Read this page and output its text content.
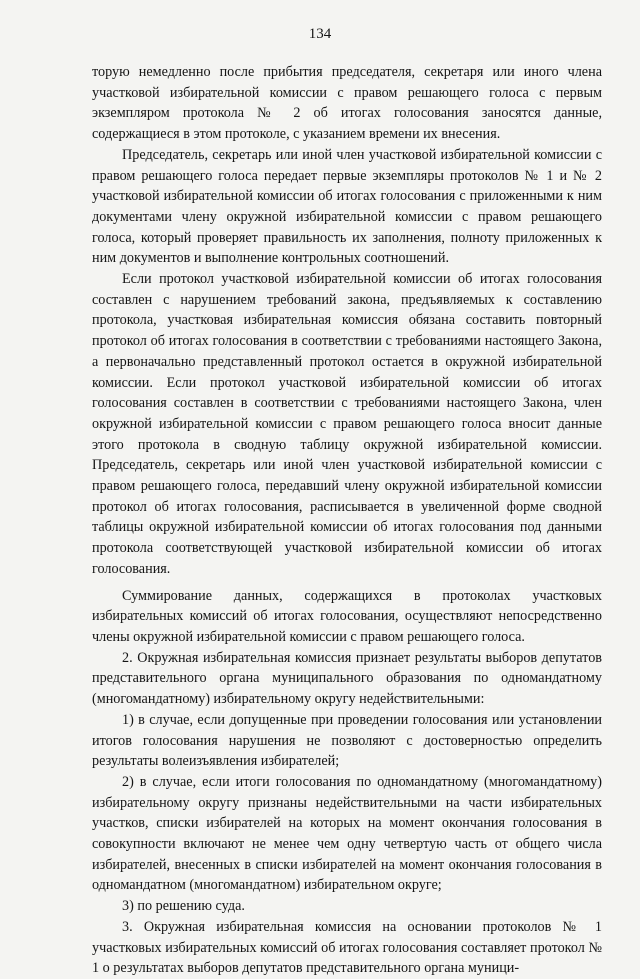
134

торую немедленно после прибытия председателя, секретаря или иного члена участковой избирательной комиссии с правом решающего голоса с первым экземпляром протокола № 2 об итогах голосования заносятся данные, содержащиеся в этом протоколе, с указанием времени их внесения.

Председатель, секретарь или иной член участковой избирательной комиссии с правом решающего голоса передает первые экземпляры протоколов № 1 и № 2 участковой избирательной комиссии об итогах голосования с приложенными к ним документами члену окружной избирательной комиссии с правом решающего голоса, который проверяет правильность их заполнения, полноту приложенных к ним документов и выполнение контрольных соотношений.

Если протокол участковой избирательной комиссии об итогах голосования составлен с нарушением требований закона, предъявляемых к составлению протокола, участковая избирательная комиссия обязана составить повторный протокол об итогах голосования в соответствии с требованиями настоящего Закона, а первоначально представленный протокол остается в окружной избирательной комиссии. Если протокол участковой избирательной комиссии об итогах голосования составлен в соответствии с требованиями настоящего Закона, член окружной избирательной комиссии с правом решающего голоса вносит данные этого протокола в сводную таблицу окружной избирательной комиссии. Председатель, секретарь или иной член участковой избирательной комиссии с правом решающего голоса, передавший члену окружной избирательной комиссии протокол об итогах голосования, расписывается в увеличенной форме сводной таблицы окружной избирательной комиссии об итогах голосования под данными протокола соответствующей участковой избирательной комиссии об итогах голосования.

Суммирование данных, содержащихся в протоколах участковых избирательных комиссий об итогах голосования, осуществляют непосредственно члены окружной избирательной комиссии с правом решающего голоса.

2. Окружная избирательная комиссия признает результаты выборов депутатов представительного органа муниципального образования по одномандатному (многомандатному) избирательному округу недействительными:

1) в случае, если допущенные при проведении голосования или установлении итогов голосования нарушения не позволяют с достоверностью определить результаты волеизъявления избирателей;

2) в случае, если итоги голосования по одномандатному (многомандатному) избирательному округу признаны недействительными на части избирательных участков, списки избирателей на которых на момент окончания голосования в совокупности включают не менее чем одну четвертую часть от общего числа избирателей, внесенных в списки избирателей на момент окончания голосования в одномандатном (многомандатном) избирательном округе;

3) по решению суда.

3. Окружная избирательная комиссия на основании протоколов № 1 участковых избирательных комиссий об итогах голосования составляет протокол № 1 о результатах выборов депутатов представительного органа муници-
